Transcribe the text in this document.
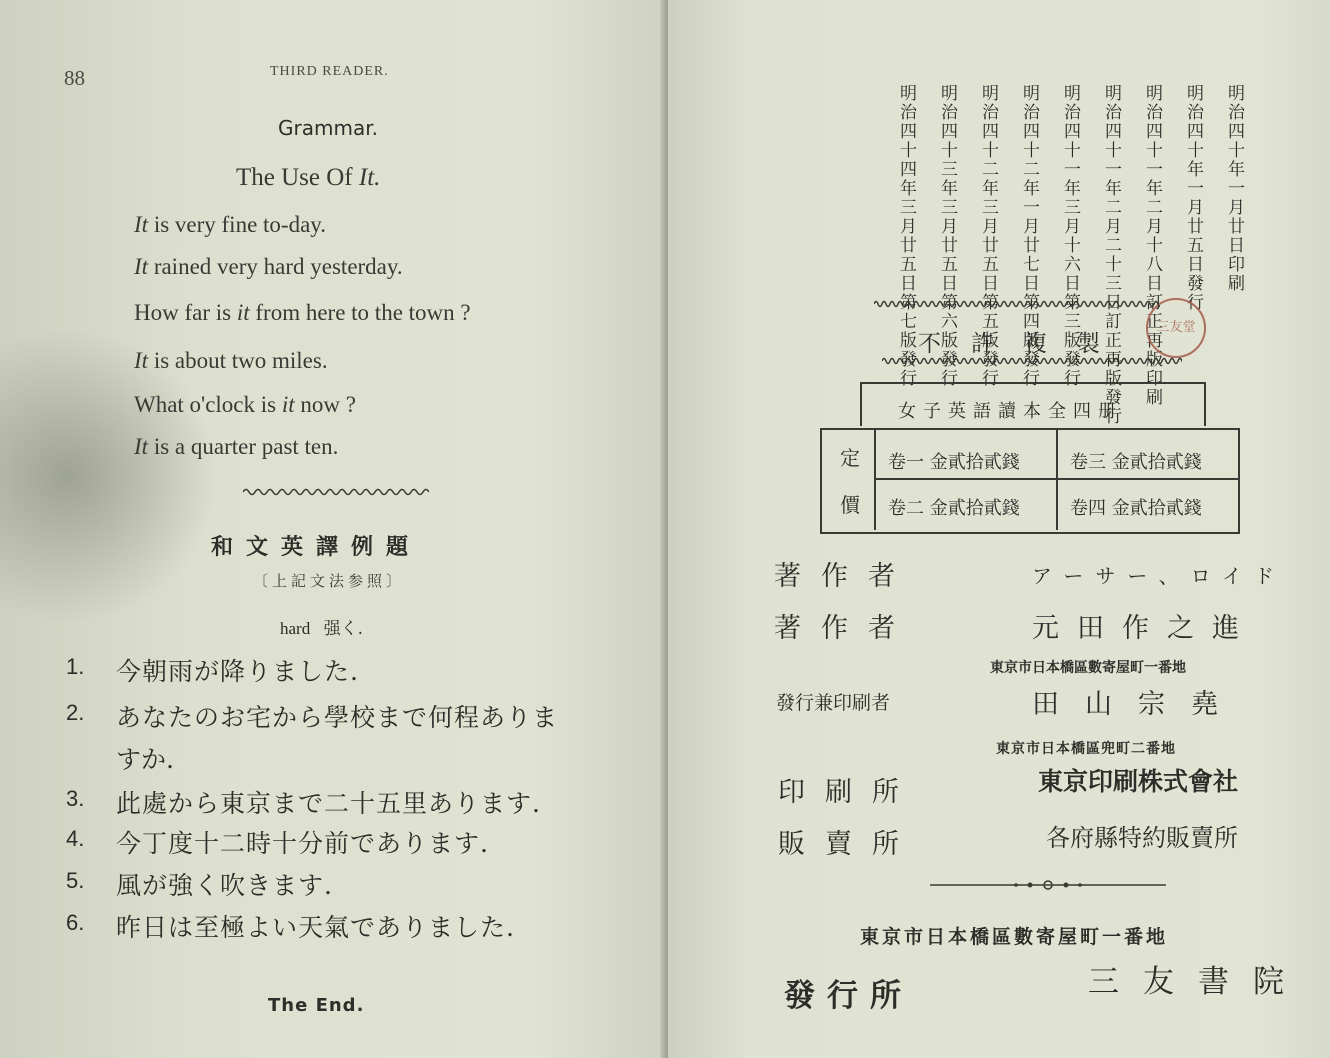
88	THIRD READER.
Grammar.
The Use Of It.
It is very fine to-day.
It rained very hard yesterday.
How far is it from here to the town ?
It is about two miles.
What o'clock is it now ?
It is a quarter past ten.
和文英譯例題
〔上記文法参照〕
hard 强く.
1. 今朝雨が降りました.
2. あなたのお宅から學校まで何程ありま
すか.
3. 此處から東京まで二十五里あります.
4. 今丁度十二時十分前であります.
5. 風が強く吹きます.
6. 昨日は至極よい天氣でありました.
The End.
明治四十年一月廿日印刷
明治四十年一月廿五日發行
明治四十一年二月十八日訂正再版印刷
明治四十一年二月二十三日訂正再版發行
明治四十一年三月十六日第三版發行
明治四十二年一月廿七日第四版發行
明治四十二年三月廿五日第五版發行
明治四十三年三月廿五日第六版發行
明治四十四年三月廿五日第七版發行	三友堂
不許複製
女子英語讀本全四册
定
價
卷一 金貳拾貳錢	卷三 金貳拾貳錢
卷二 金貳拾貳錢	卷四 金貳拾貳錢
著作者	アーサー、ロイド
著作者	元田作之進
東京市日本橋區數寄屋町一番地
發行兼印刷者	田山宗堯
東京市日本橋區兜町二番地
印刷所	東京印刷株式會社
販賣所	各府縣特約販賣所
東京市日本橋區數寄屋町一番地
發行所	三友書院
